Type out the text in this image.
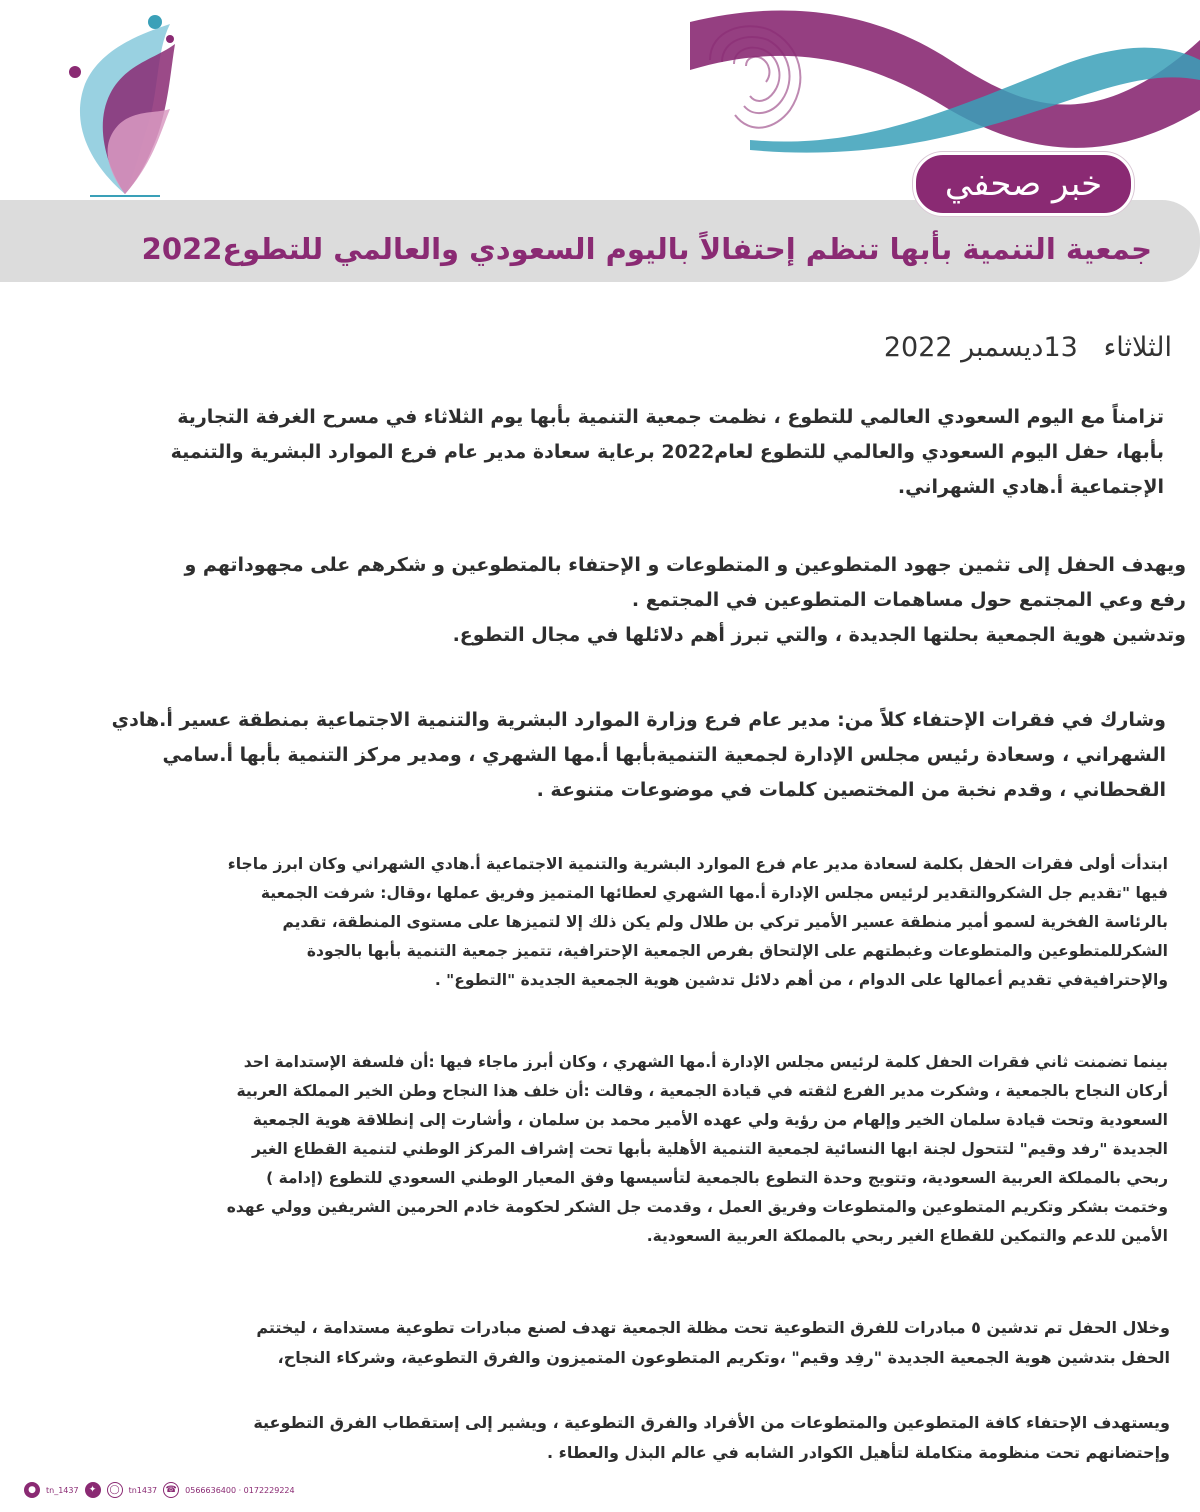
خبر صحفي
جمعية التنمية بأبها تنظم إحتفالاً باليوم السعودي والعالمي للتطوع2022
الثلاثاء   13ديسمبر 2022
تزامناً مع اليوم السعودي العالمي للتطوع ، نظمت جمعية التنمية بأبها يوم الثلاثاء في مسرح الغرفة التجارية
بأبها، حفل اليوم السعودي والعالمي للتطوع لعام2022 برعاية سعادة مدير عام فرع الموارد البشرية والتنمية
الإجتماعية أ.هادي الشهراني.
ويهدف الحفل إلى تثمين جهود المتطوعين و المتطوعات و الإحتفاء بالمتطوعين و شكرهم على مجهوداتهم و
رفع وعي المجتمع حول مساهمات المتطوعين في المجتمع .
وتدشين هوية الجمعية بحلتها الجديدة ، والتي تبرز أهم دلائلها في مجال التطوع.
وشارك في فقرات الإحتفاء كلاً من: مدير عام فرع وزارة الموارد البشرية والتنمية الاجتماعية بمنطقة عسير أ.هادي
الشهراني ، وسعادة رئيس مجلس الإدارة لجمعية التنميةبأبها أ.مها الشهري ، ومدير مركز التنمية بأبها أ.سامي
القحطاني ، وقدم نخبة من المختصين كلمات في موضوعات متنوعة .
ابتدأت أولى فقرات الحفل بكلمة لسعادة مدير عام فرع الموارد البشرية والتنمية الاجتماعية أ.هادي الشهراني وكان ابرز ماجاء
فيها "تقديم جل الشكروالتقدير لرئيس مجلس الإدارة أ.مها الشهري لعطائها المتميز وفريق عملها ،وقال: شرفت الجمعية
بالرئاسة الفخرية لسمو أمير منطقة عسير الأمير تركي بن طلال ولم يكن ذلك إلا لتميزها على مستوى المنطقة، تقديم
الشكرللمتطوعين والمتطوعات وغبطتهم على الإلتحاق بفرص الجمعية الإحترافية، تتميز جمعية التنمية بأبها بالجودة
والإحترافيةفي تقديم أعمالها على الدوام ، من أهم دلائل تدشين هوية الجمعية الجديدة "التطوع" .
بينما تضمنت ثاني فقرات الحفل كلمة لرئيس مجلس الإدارة أ.مها الشهري ، وكان أبرز ماجاء فيها :أن فلسفة الإستدامة احد
أركان النجاح بالجمعية ، وشكرت مدير الفرع لثقته في قيادة الجمعية ، وقالت :أن خلف هذا النجاح وطن الخير المملكة العربية
السعودية وتحت قيادة سلمان الخير وإلهام من رؤية ولي عهده الأمير محمد بن سلمان ، وأشارت إلى إنطلاقة هوية الجمعية
الجديدة "رفد وقيم" لتتحول لجنة ابها النسائية لجمعية التنمية الأهلية بأبها تحت إشراف المركز الوطني لتنمية القطاع الغير
ربحي بالمملكة العربية السعودية، وتتويج وحدة التطوع بالجمعية لتأسيسها وفق المعيار الوطني السعودي للتطوع (إدامة )
وختمت بشكر وتكريم المتطوعين والمتطوعات وفريق العمل ، وقدمت جل الشكر لحكومة خادم الحرمين الشريفين وولي عهده
الأمين للدعم والتمكين للقطاع الغير ربحي بالمملكة العربية السعودية.
وخلال الحفل تم تدشين ٥ مبادرات للفرق التطوعية تحت مظلة الجمعية تهدف لصنع مبادرات تطوعية مستدامة ، ليختتم
الحفل بتدشين هوية الجمعية الجديدة "رفِد وقيم" ،وتكريم المتطوعون المتميزون والفرق التطوعية، وشركاء النجاح،
ويستهدف الإحتفاء كافة المتطوعين والمتطوعات من الأفراد والفرق التطوعية ، ويشير إلى إستقطاب الفرق التطوعية
وإحتضانهم تحت منظومة متكاملة لتأهيل الكوادر الشابه في عالم البذل والعطاء .
●	tn_1437	✦	◯	tn1437 ☎ 0566636400 · 0172229224
